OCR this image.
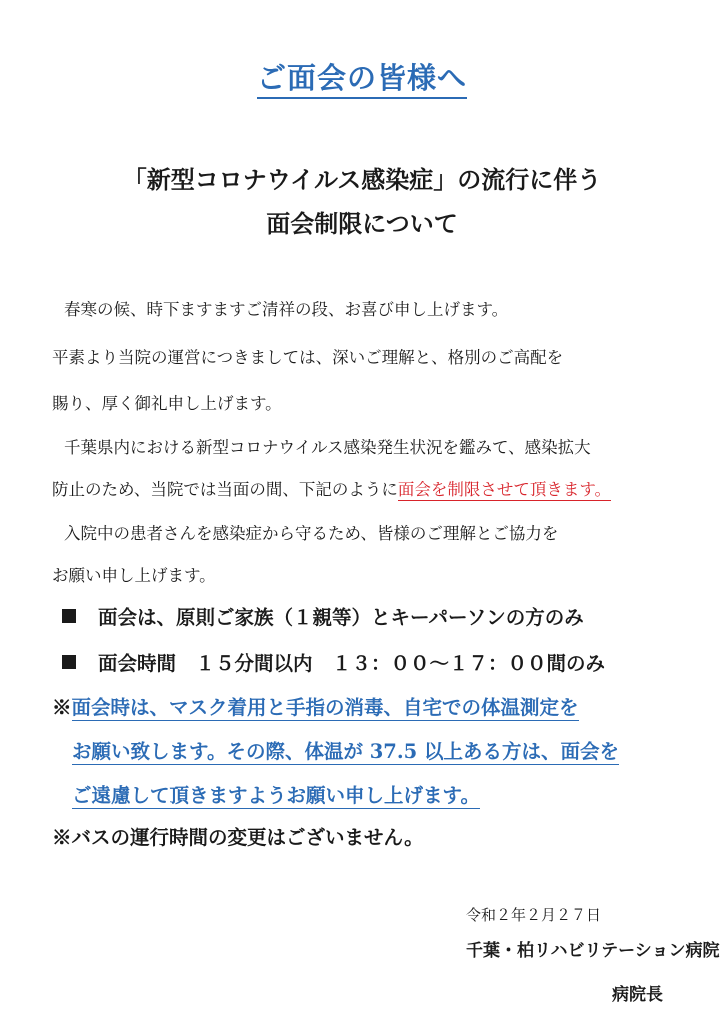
ご面会の皆様へ
「新型コロナウイルス感染症」の流行に伴う
面会制限について

春寒の候、時下ますますご清祥の段、お喜び申し上げます。

平素より当院の運営につきましては、深いご理解と、格別のご高配を

賜り、厚く御礼申し上げます。

千葉県内における新型コロナウイルス感染発生状況を鑑みて、感染拡大

防止のため、当院では当面の間、下記のように面会を制限させて頂きます。

入院中の患者さんを感染症から守るため、皆様のご理解とご協力を

お願い申し上げます。

面会は、原則ご家族（１親等）とキーパーソンの方のみ

面会時間　１５分間以内　１３：００〜１７：００間のみ

※面会時は、マスク着用と手指の消毒、自宅での体温測定を

お願い致します。その際、体温が 37.5 以上ある方は、面会を

ご遠慮して頂きますようお願い申し上げます。

※バスの運行時間の変更はございません。

令和２年２月２７日

千葉・柏リハビリテーション病院

病院長
